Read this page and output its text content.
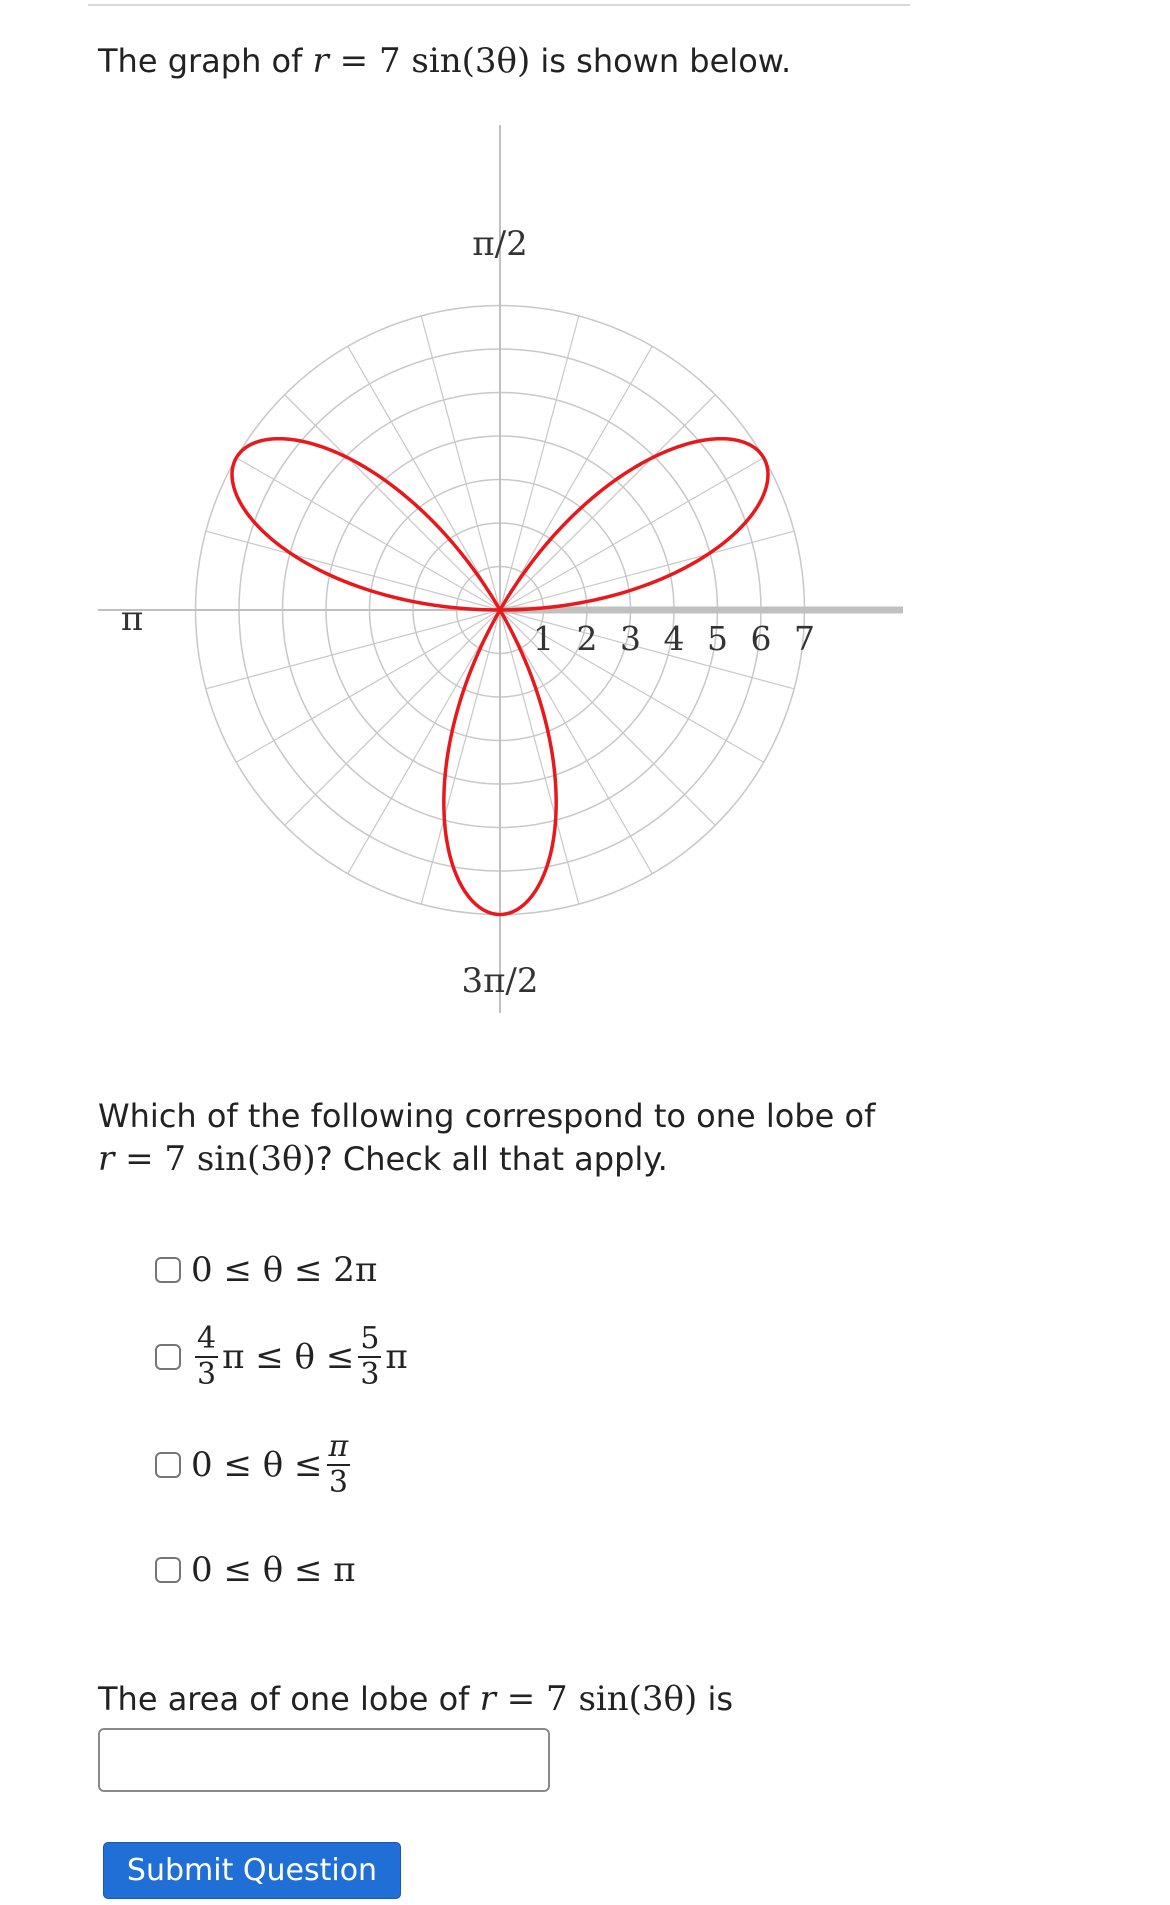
The graph of r = 7 sin(3θ) is shown below.
1 2 3 4 5 6 7
π/2
π
3π/2
Which of the following correspond to one lobe of
r = 7 sin(3θ)? Check all that apply.
0 ≤ θ ≤ 2π
$\frac{4}{3}$ $\pi \le \theta \le \frac{5}{3}$ π
$0 \le \theta \le \frac{\pi}{3}$
0 ≤ θ ≤ π
The area of one lobe of r = 7 sin(3θ) is
Submit Question
